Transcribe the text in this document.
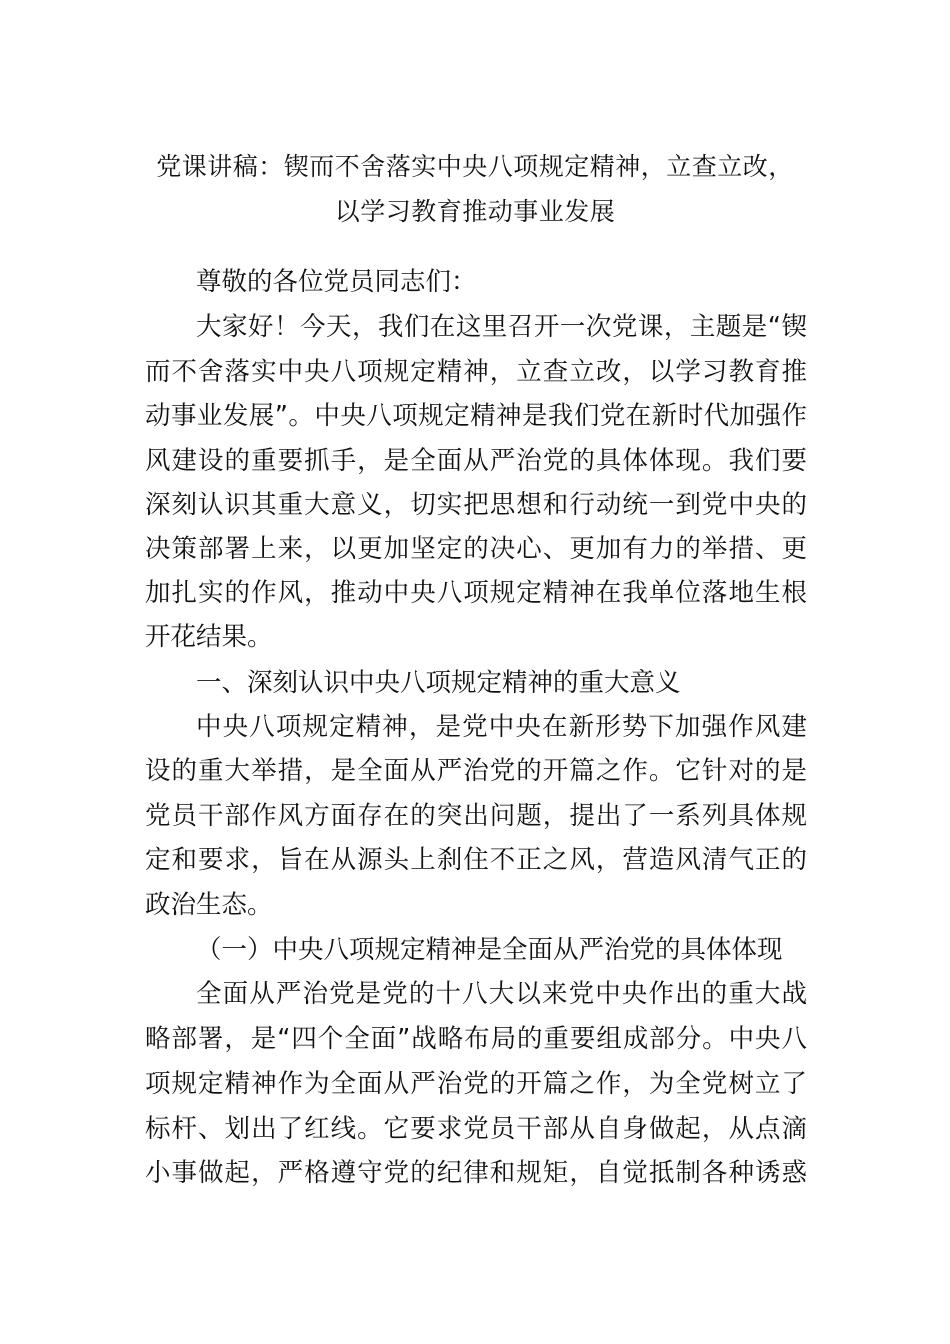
党课讲稿：锲而不舍落实中央八项规定精神，立查立改，
以学习教育推动事业发展
尊敬的各位党员同志们：
大家好！今天，我们在这里召开一次党课，主题是“锲
而不舍落实中央八项规定精神，立查立改，以学习教育推
动事业发展”。中央八项规定精神是我们党在新时代加强作
风建设的重要抓手，是全面从严治党的具体体现。我们要
深刻认识其重大意义，切实把思想和行动统一到党中央的
决策部署上来，以更加坚定的决心、更加有力的举措、更
加扎实的作风，推动中央八项规定精神在我单位落地生根
开花结果。
一、深刻认识中央八项规定精神的重大意义
中央八项规定精神，是党中央在新形势下加强作风建
设的重大举措，是全面从严治党的开篇之作。它针对的是
党员干部作风方面存在的突出问题，提出了一系列具体规
定和要求，旨在从源头上刹住不正之风，营造风清气正的
政治生态。
（一）中央八项规定精神是全面从严治党的具体体现
全面从严治党是党的十八大以来党中央作出的重大战
略部署，是“四个全面”战略布局的重要组成部分。中央八
项规定精神作为全面从严治党的开篇之作，为全党树立了
标杆、划出了红线。它要求党员干部从自身做起，从点滴
小事做起，严格遵守党的纪律和规矩，自觉抵制各种诱惑
